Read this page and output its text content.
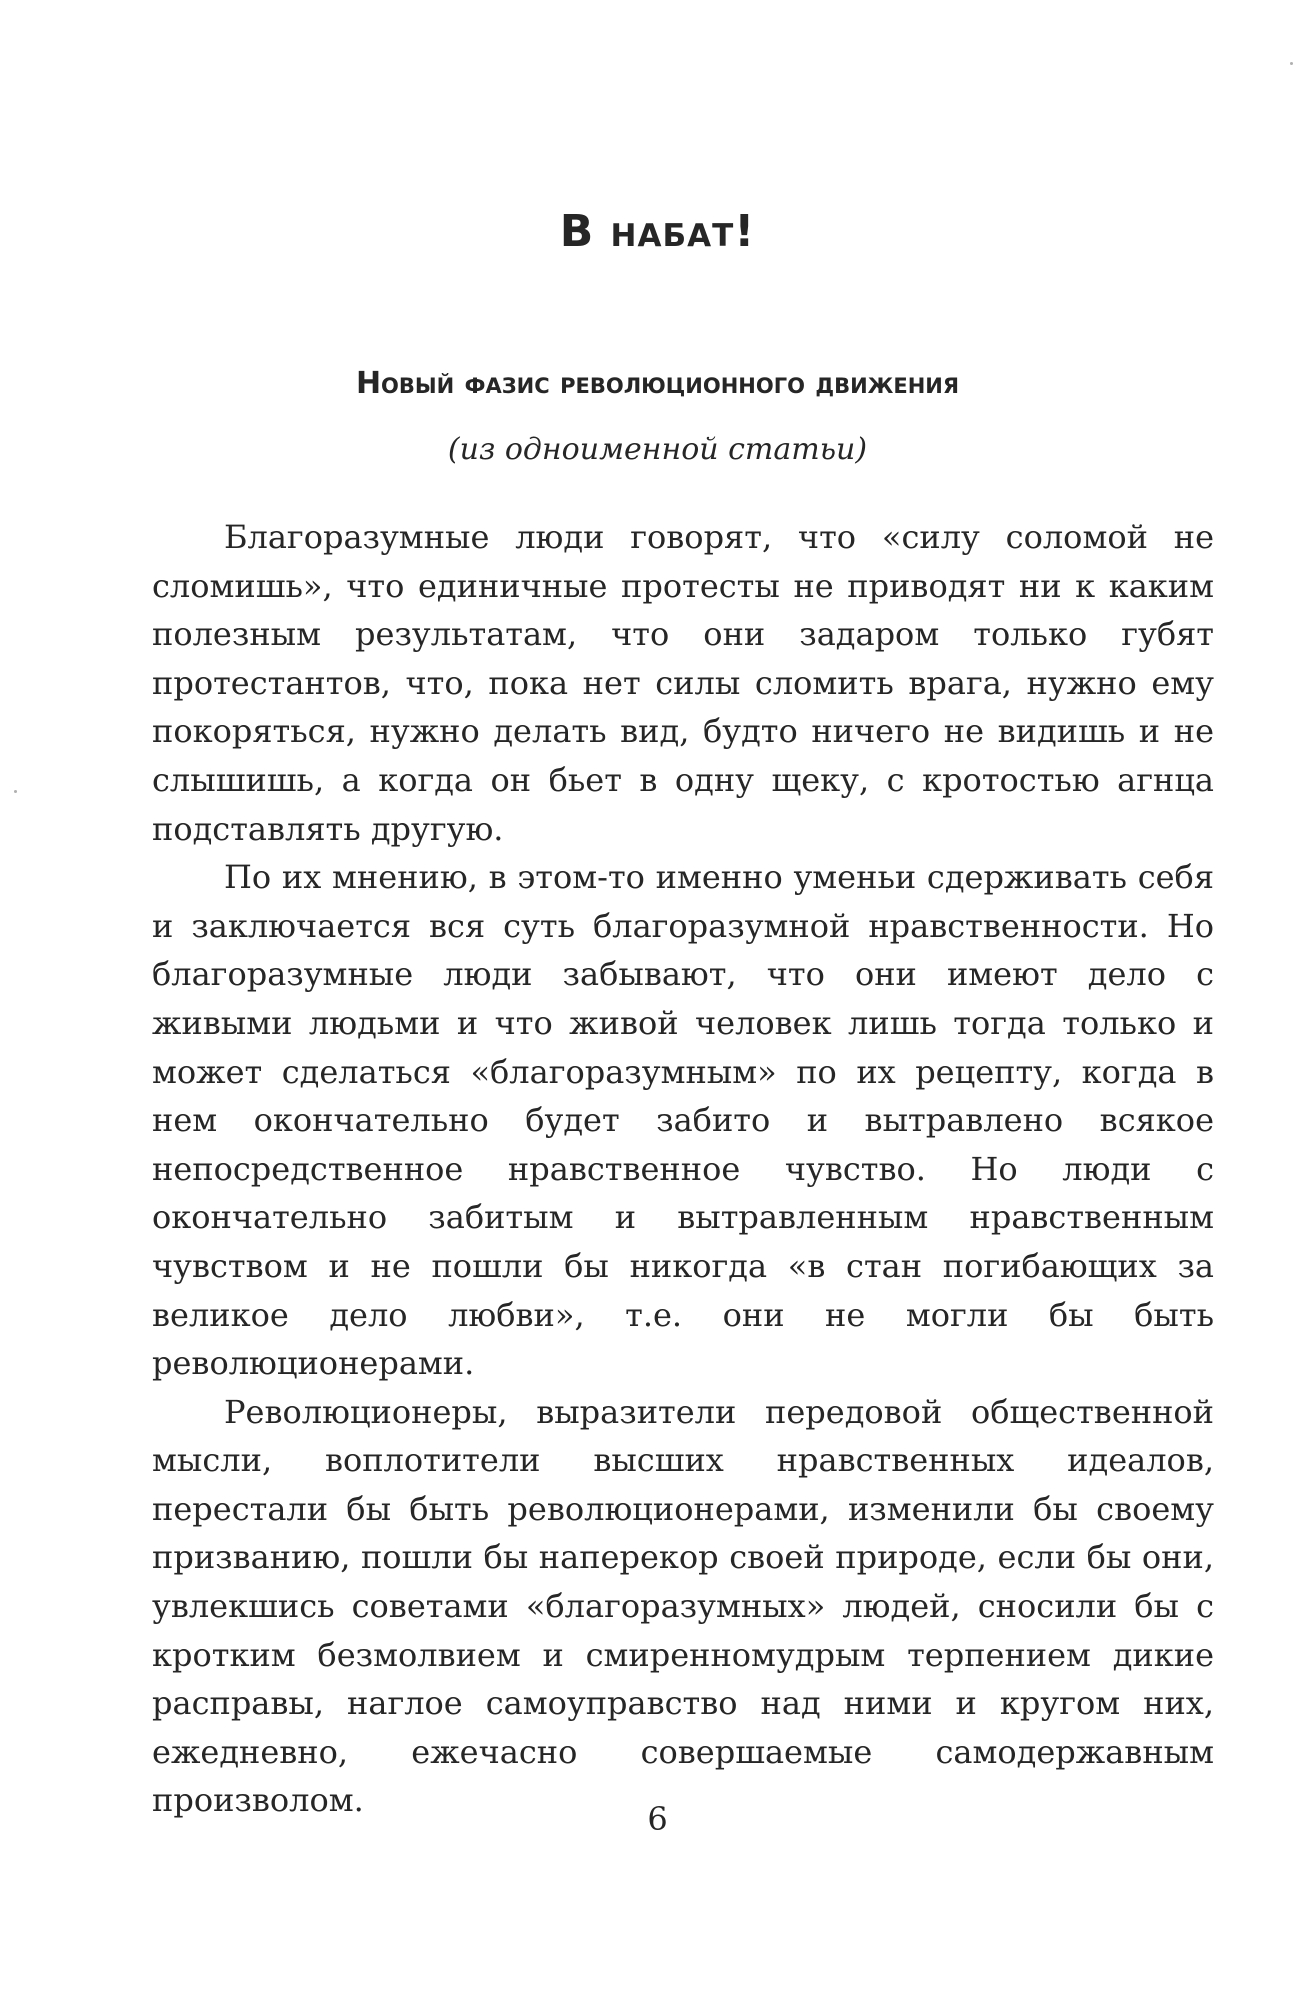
В набат!
Новый фазис революционного движения
(из одноименной статьи)

Благоразумные люди говорят, что «силу соломой не сломишь», что единичные протесты не приводят ни к каким полезным результатам, что они задаром только губят протестантов, что, пока нет силы сломить врага, нужно ему покоряться, нужно делать вид, будто ничего не видишь и не слышишь, а когда он бьет в одну щеку, с кротостью агнца подставлять другую.

По их мнению, в этом-то именно уменьи сдерживать себя и заключается вся суть благоразумной нравственности. Но благоразумные люди забывают, что они имеют дело с живыми людьми и что живой человек лишь тогда только и может сделаться «благоразумным» по их рецепту, когда в нем окончательно будет забито и вытравлено всякое непосредственное нравственное чувство. Но люди с окончательно забитым и вытравленным нравственным чувством и не пошли бы никогда «в стан погибающих за великое дело любви», т.е. они не могли бы быть революционерами.

Революционеры, выразители передовой общественной мысли, воплотители высших нравственных идеалов, перестали бы быть революционерами, изменили бы своему призванию, пошли бы наперекор своей природе, если бы они, увлекшись советами «благоразумных» людей, сносили бы с кротким безмолвием и смиренномудрым терпением дикие расправы, наглое самоуправство над ними и кругом них, ежедневно, ежечасно совершаемые самодержавным произволом.	6
